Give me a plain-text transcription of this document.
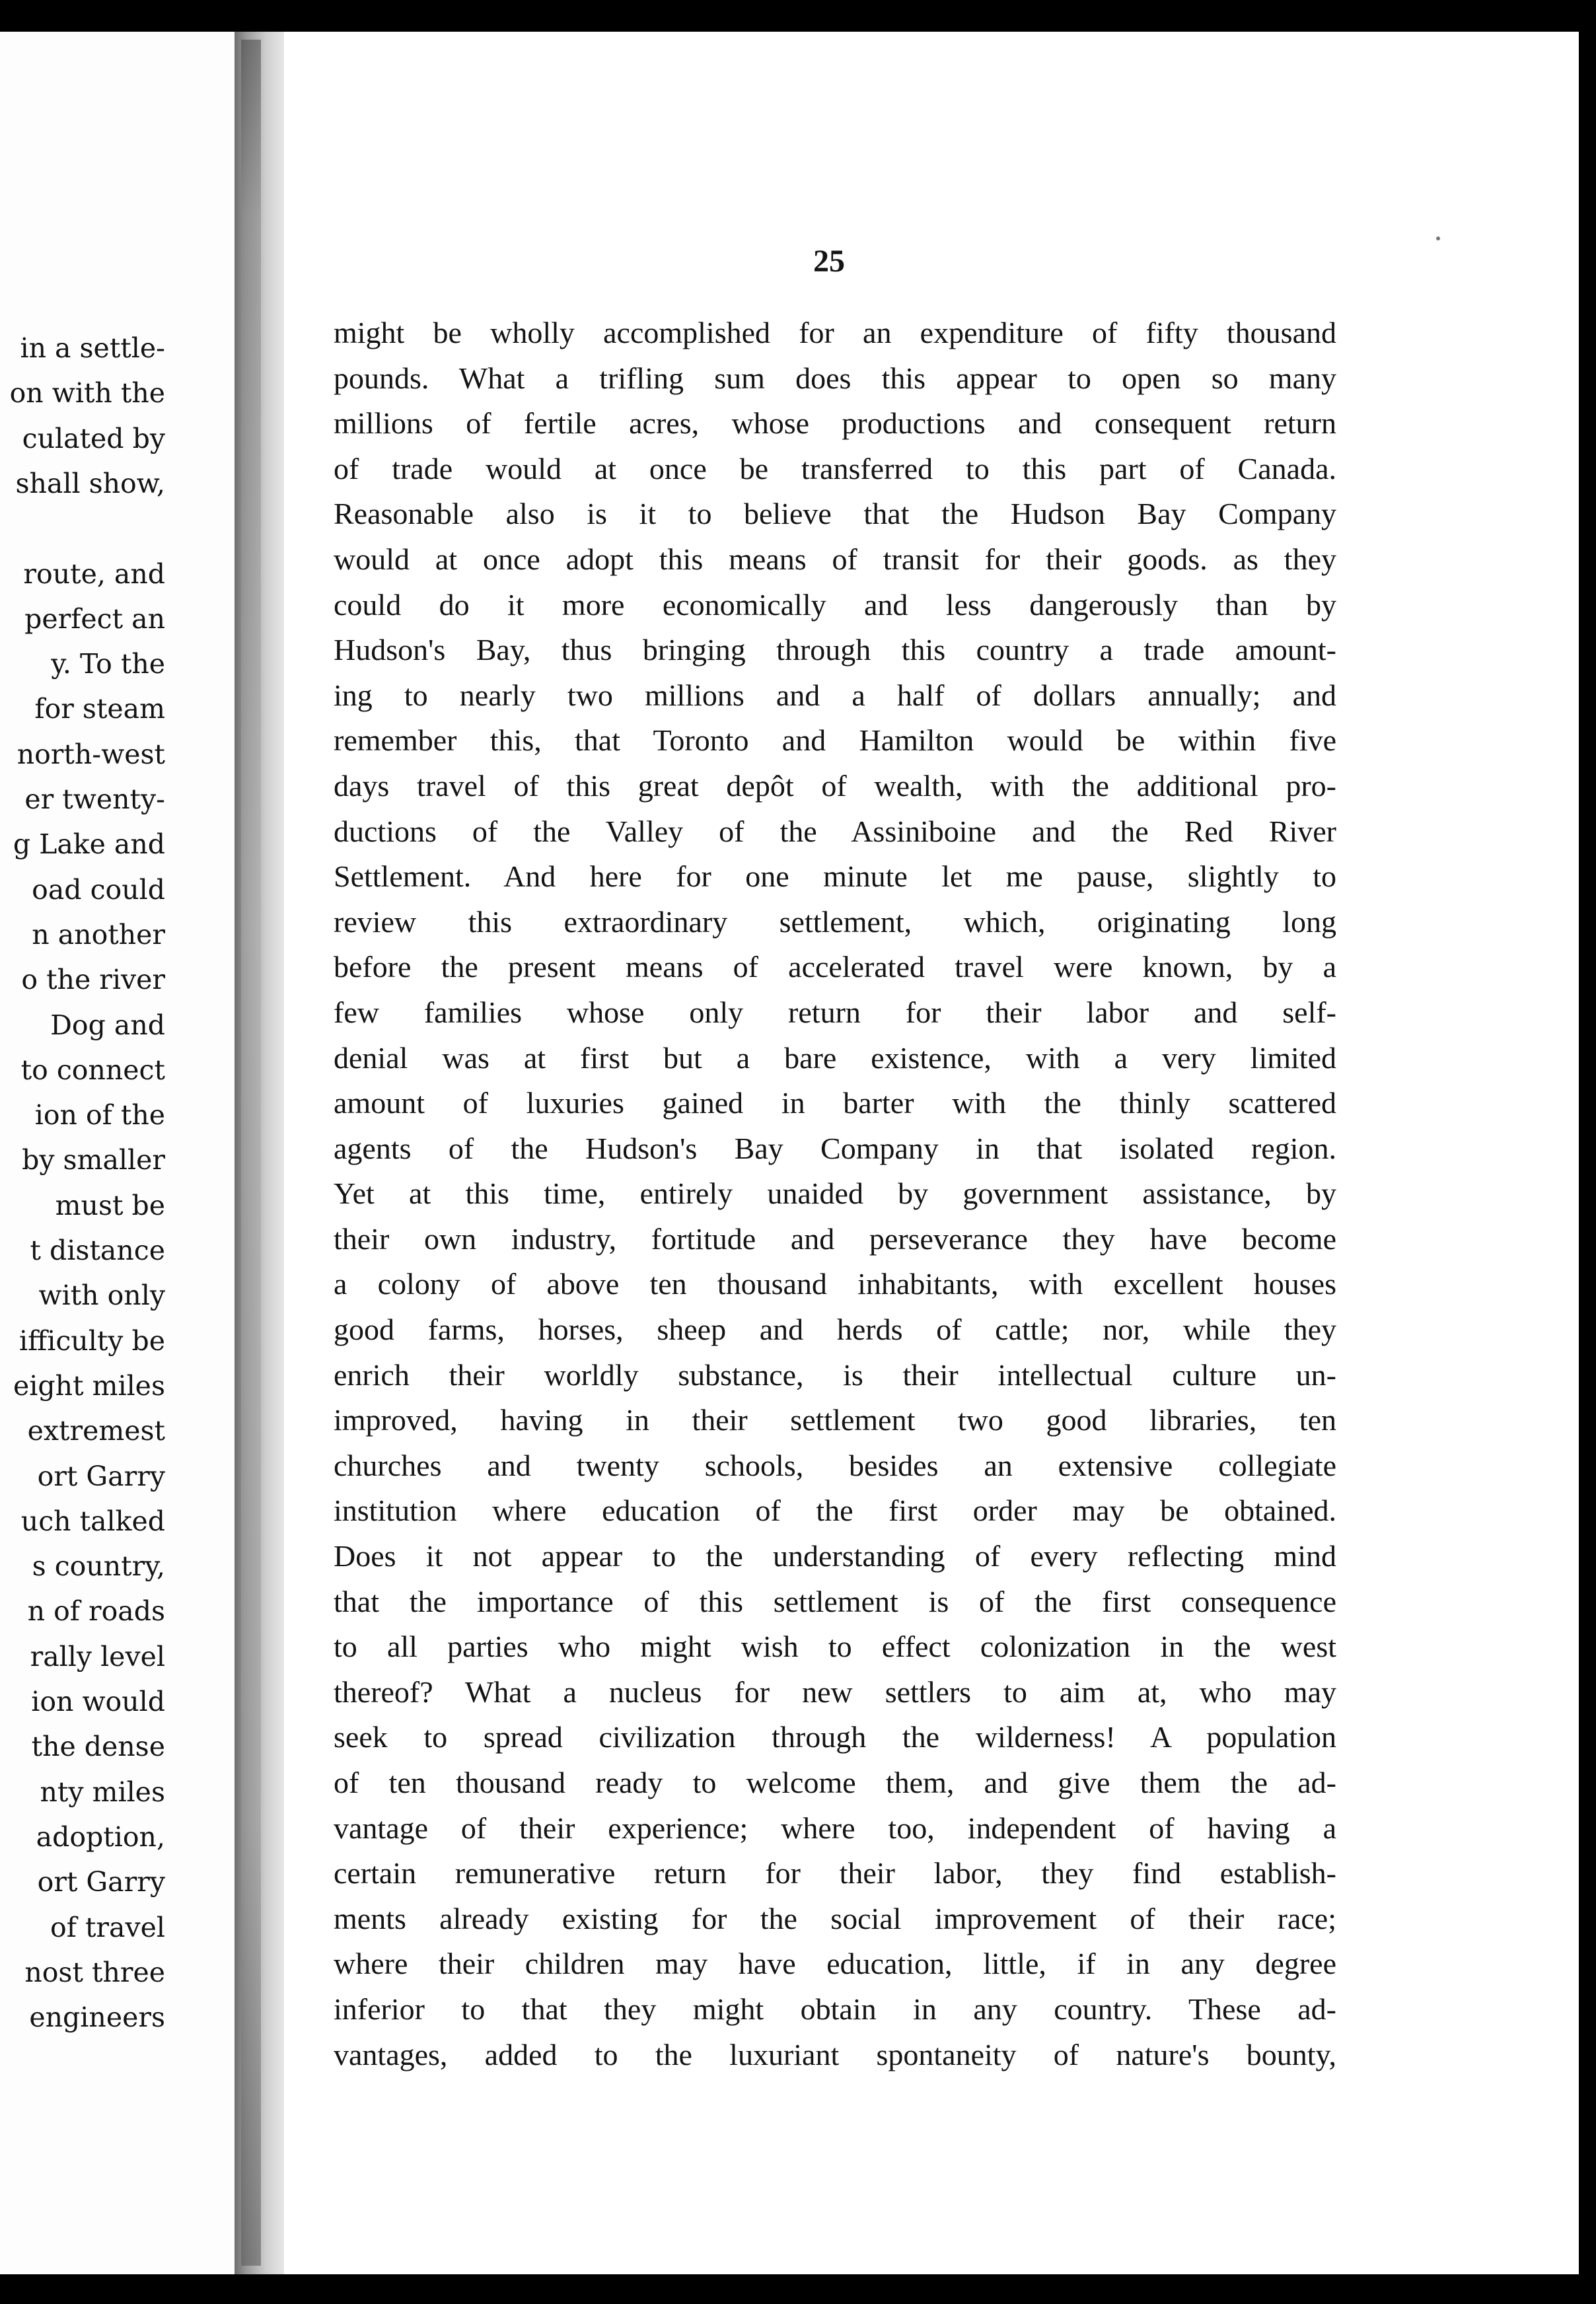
in a settle-
on with the
culated by
shall show,
route, and
perfect an
y. To the
for steam
north-west
er twenty-
g Lake and
oad could
n another
o the river
Dog and
to connect
ion of the
by smaller
must be
t distance
with only
ifficulty be
eight miles
extremest
ort Garry
uch talked
s country,
n of roads
rally level
ion would
the dense
nty miles
adoption,
ort Garry
of travel
nost three
engineers
25
might be wholly accomplished for an expenditure of fifty thousand
pounds. What a trifling sum does this appear to open so many
millions of fertile acres, whose productions and consequent return
of trade would at once be transferred to this part of Canada.
Reasonable also is it to believe that the Hudson Bay Company
would at once adopt this means of transit for their goods. as they
could do it more economically and less dangerously than by
Hudson's Bay, thus bringing through this country a trade amount-
ing to nearly two millions and a half of dollars annually; and
remember this, that Toronto and Hamilton would be within five
days travel of this great depôt of wealth, with the additional pro-
ductions of the Valley of the Assiniboine and the Red River
Settlement. And here for one minute let me pause, slightly to
review this extraordinary settlement, which, originating long
before the present means of accelerated travel were known, by a
few families whose only return for their labor and self-
denial was at first but a bare existence, with a very limited
amount of luxuries gained in barter with the thinly scattered
agents of the Hudson's Bay Company in that isolated region.
Yet at this time, entirely unaided by government assistance, by
their own industry, fortitude and perseverance they have become
a colony of above ten thousand inhabitants, with excellent houses
good farms, horses, sheep and herds of cattle; nor, while they
enrich their worldly substance, is their intellectual culture un-
improved, having in their settlement two good libraries, ten
churches and twenty schools, besides an extensive collegiate
institution where education of the first order may be obtained.
Does it not appear to the understanding of every reflecting mind
that the importance of this settlement is of the first consequence
to all parties who might wish to effect colonization in the west
thereof? What a nucleus for new settlers to aim at, who may
seek to spread civilization through the wilderness! A population
of ten thousand ready to welcome them, and give them the ad-
vantage of their experience; where too, independent of having a
certain remunerative return for their labor, they find establish-
ments already existing for the social improvement of their race;
where their children may have education, little, if in any degree
inferior to that they might obtain in any country. These ad-
vantages, added to the luxuriant spontaneity of nature's bounty,
